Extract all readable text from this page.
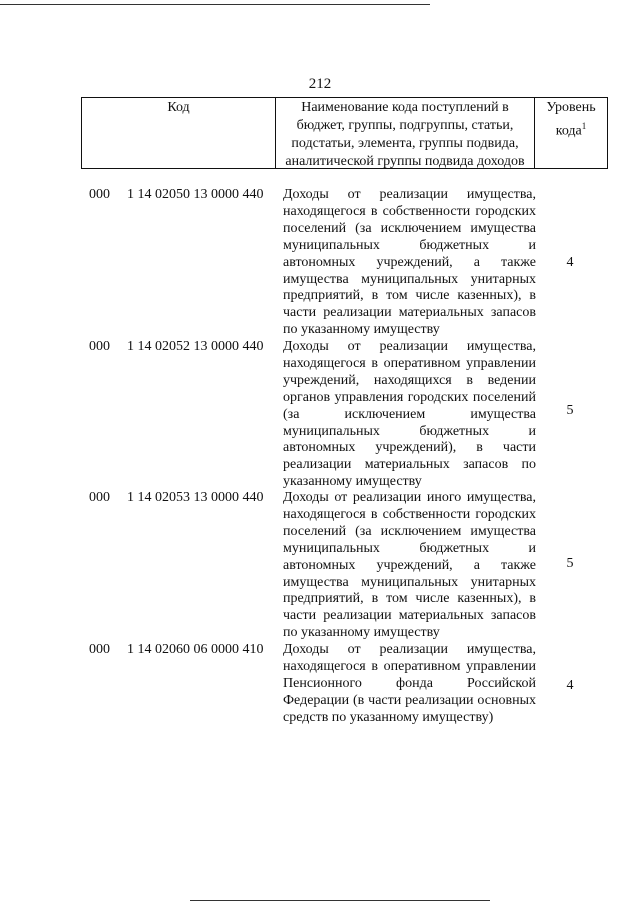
212
Код	Наименование кода поступлений в бюджет, группы, подгруппы, статьи, подстатьи, элемента, группы подвида, аналитической группы подвида доходов
Уровень кода$^1$
000 1 14 02050 13 0000 440 Доходы от реализации имущества, находящегося в собственности городских поселений (за исключением имущества муниципальных бюджетных и автономных учреждений, а также имущества муниципальных унитарных предприятий, в том числе казенных), в части реализации материальных запасов по указанному имуществу
4
000 1 14 02052 13 0000 440 Доходы от реализации имущества, находящегося в оперативном управлении учреждений, находящихся в ведении органов управления городских поселений (за исключением имущества муниципальных бюджетных и автономных учреждений), в части реализации материальных запасов по указанному имуществу
5
000 1 14 02053 13 0000 440 Доходы от реализации иного имущества, находящегося в собственности городских поселений (за исключением имущества муниципальных бюджетных и автономных учреждений, а также имущества муниципальных унитарных предприятий, в том числе казенных), в части реализации материальных запасов по указанному имуществу
5
000 1 14 02060 06 0000 410 Доходы от реализации имущества, находящегося в оперативном управлении Пенсионного фонда Российской Федерации (в части реализации основных средств по указанному имуществу)
4
